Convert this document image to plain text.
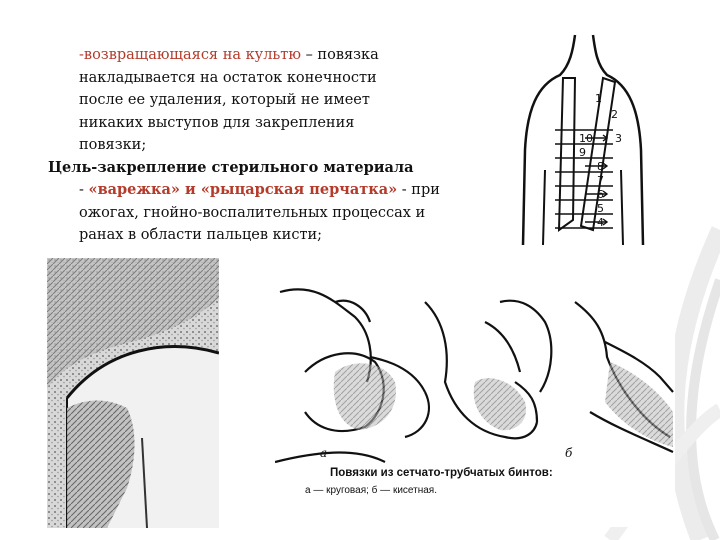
-возвращающаяся на культю – повязка
накладывается на остаток конечности
после ее удаления, который не имеет
никаких выступов для закрепления
повязки;
Цель-закрепление стерильного материала
- «варежка» и «рыцарская перчатка» - при
ожогах, гнойно-воспалительных процессах и
ранах в области пальцев кисти;
1
2
3
10
9
8
7
6
5
4
а	б
Повязки из сетчато-трубчатых бинтов:
а — круговая; б — кисетная.
